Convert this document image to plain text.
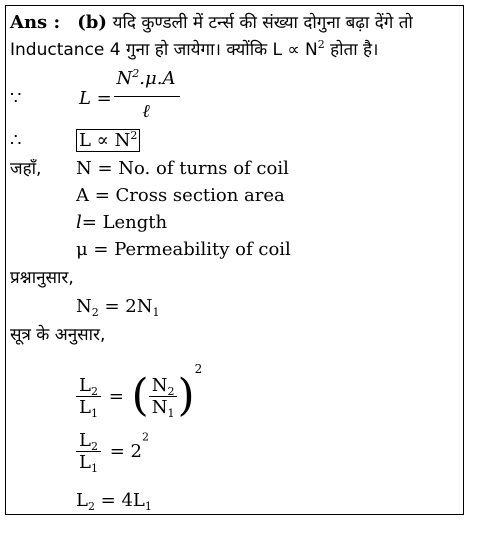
Ans : (b) यदि कुण्डली में टर्न्स की संख्या दोगुना बढ़ा देंगे तो
Inductance 4 गुना हो जायेगा। क्योंकि $L \propto N^2$ होता है।
∵	L =
$N^2.\mu.A$
ℓ
∴	$L \propto N^2$
जहाँ, N = No. of turns of coil
A = Cross section area
l= Length
μ = Permeability of coil
प्रश्नानुसार,
$N_2 = 2N_1$
सूत्र के अनुसार,
$\frac{L_2}{L_1}$ = ( $\frac{N_2}{N_1} )^2$
$\frac{L_2}{L_1} = 2^2$
$L_2 = 4L_1$
